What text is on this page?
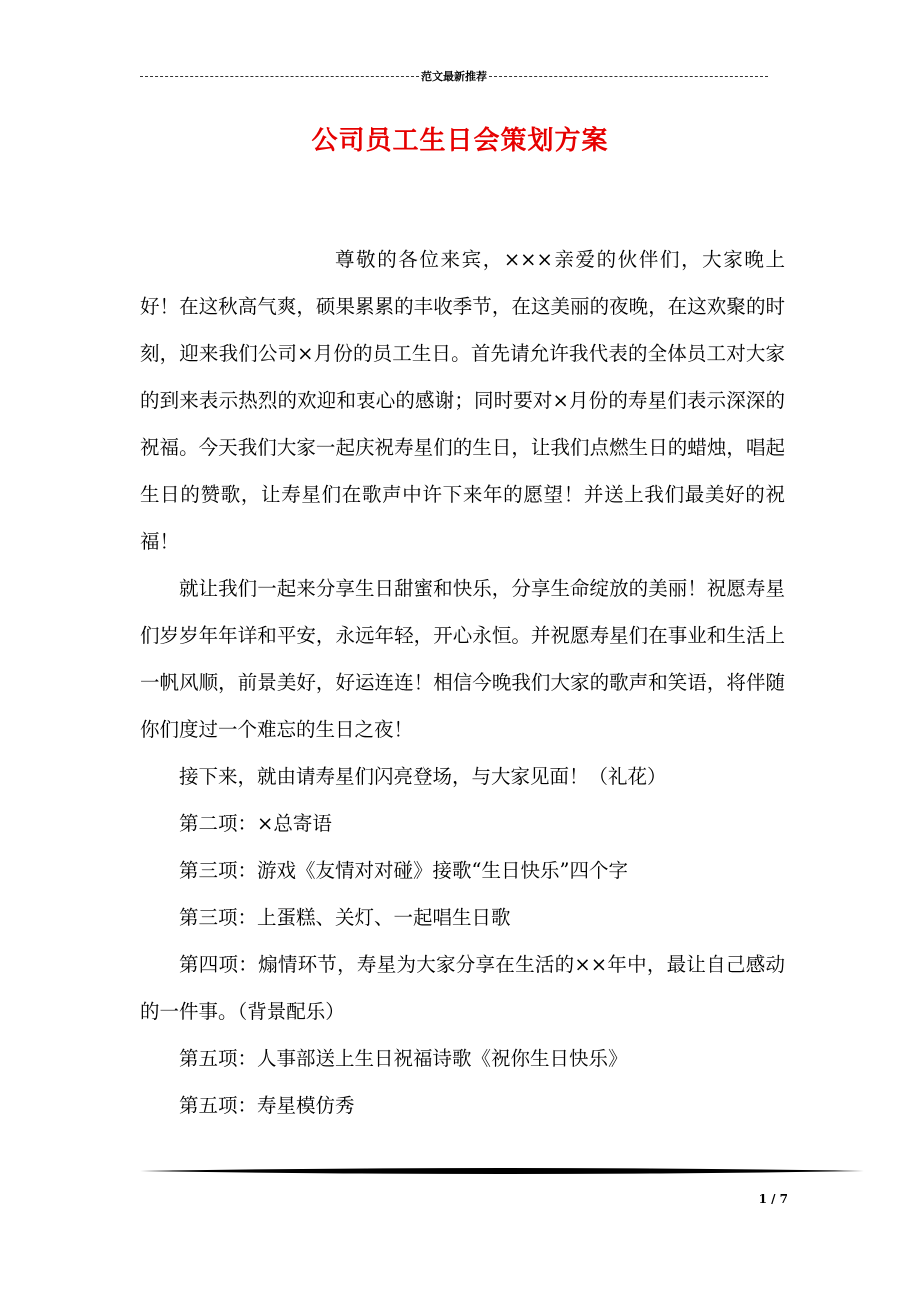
范文最新推荐
公司员工生日会策划方案

尊敬的各位来宾，×××亲爱的伙伴们，大家晚上好！在这秋高气爽，硕果累累的丰收季节，在这美丽的夜晚，在这欢聚的时刻，迎来我们公司×月份的员工生日。首先请允许我代表的全体员工对大家的到来表示热烈的欢迎和衷心的感谢；同时要对×月份的寿星们表示深深的祝福。今天我们大家一起庆祝寿星们的生日，让我们点燃生日的蜡烛，唱起生日的赞歌，让寿星们在歌声中许下来年的愿望！并送上我们最美好的祝福！

就让我们一起来分享生日甜蜜和快乐，分享生命绽放的美丽！祝愿寿星们岁岁年年详和平安，永远年轻，开心永恒。并祝愿寿星们在事业和生活上一帆风顺，前景美好，好运连连！相信今晚我们大家的歌声和笑语，将伴随你们度过一个难忘的生日之夜！

接下来，就由请寿星们闪亮登场，与大家见面！（礼花）

第二项：×总寄语

第三项：游戏《友情对对碰》接歌“生日快乐”四个字

第三项：上蛋糕、关灯、一起唱生日歌

第四项：煽情环节，寿星为大家分享在生活的××年中，最让自己感动的一件事。（背景配乐）

第五项：人事部送上生日祝福诗歌《祝你生日快乐》

第五项：寿星模仿秀

1 / 7
